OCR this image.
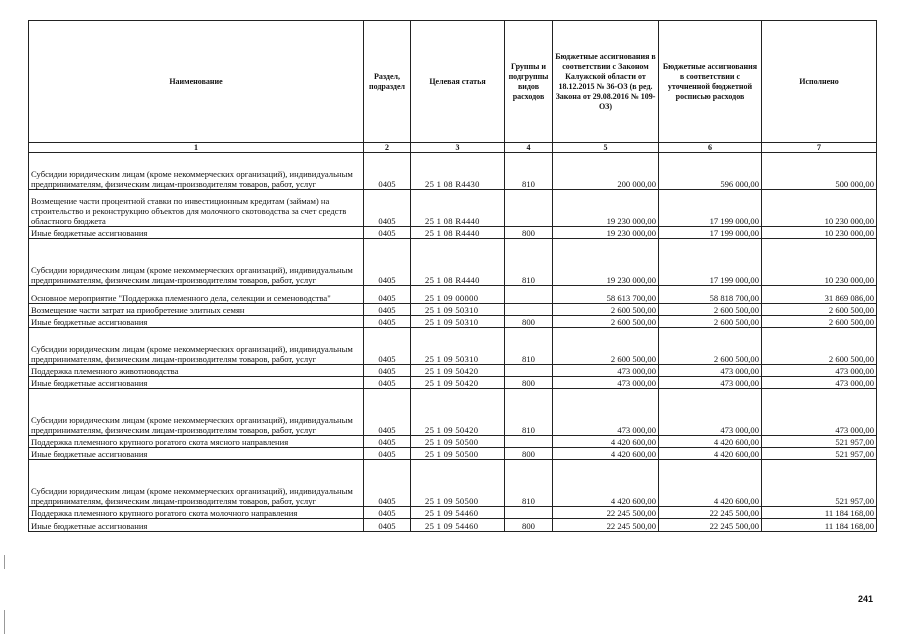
Наименование	Раздел, подраздел	Целевая статья	Группы и подгруппы видов расходов	Бюджетные ассигнования в соответствии с Законом Калужской области от 18.12.2015 № 36-ОЗ (в ред. Закона от 29.08.2016 № 109-ОЗ)	Бюджетные ассигнования в соответствии с уточненной бюджетной росписью расходов	Исполнено
1	2	3	4	5	6	7
Субсидии юридическим лицам (кроме некоммерческих организаций), индивидуальным предпринимателям, физическим лицам-производителям товаров, работ, услуг	0405	25 1 08 R4430	810	200 000,00	596 000,00	500 000,00
Возмещение части процентной ставки по инвестиционным кредитам (займам) на строительство и реконструкцию объектов для молочного скотоводства за счет средств областного бюджета	0405	25 1 08 R4440		19 230 000,00	17 199 000,00	10 230 000,00
Иные бюджетные ассигнования	0405	25 1 08 R4440	800	19 230 000,00	17 199 000,00	10 230 000,00
Субсидии юридическим лицам (кроме некоммерческих организаций), индивидуальным предпринимателям, физическим лицам-производителям товаров, работ, услуг	0405	25 1 08 R4440	810	19 230 000,00	17 199 000,00	10 230 000,00
Основное мероприятие "Поддержка племенного дела, селекции и семеноводства"	0405	25 1 09 00000		58 613 700,00	58 818 700,00	31 869 086,00
Возмещение части затрат на приобретение элитных семян	0405	25 1 09 50310		2 600 500,00	2 600 500,00	2 600 500,00
Иные бюджетные ассигнования	0405	25 1 09 50310	800	2 600 500,00	2 600 500,00	2 600 500,00
Субсидии юридическим лицам (кроме некоммерческих организаций), индивидуальным предпринимателям, физическим лицам-производителям товаров, работ, услуг	0405	25 1 09 50310	810	2 600 500,00	2 600 500,00	2 600 500,00
Поддержка племенного животноводства	0405	25 1 09 50420		473 000,00	473 000,00	473 000,00
Иные бюджетные ассигнования	0405	25 1 09 50420	800	473 000,00	473 000,00	473 000,00
Субсидии юридическим лицам (кроме некоммерческих организаций), индивидуальным предпринимателям, физическим лицам-производителям товаров, работ, услуг	0405	25 1 09 50420	810	473 000,00	473 000,00	473 000,00
Поддержка племенного крупного рогатого скота мясного направления	0405	25 1 09 50500		4 420 600,00	4 420 600,00	521 957,00
Иные бюджетные ассигнования	0405	25 1 09 50500	800	4 420 600,00	4 420 600,00	521 957,00
Субсидии юридическим лицам (кроме некоммерческих организаций), индивидуальным предпринимателям, физическим лицам-производителям товаров, работ, услуг	0405	25 1 09 50500	810	4 420 600,00	4 420 600,00	521 957,00
Поддержка племенного крупного рогатого скота молочного направления	0405	25 1 09 54460		22 245 500,00	22 245 500,00	11 184 168,00
Иные бюджетные ассигнования	0405	25 1 09 54460	800	22 245 500,00	22 245 500,00	11 184 168,00
241
